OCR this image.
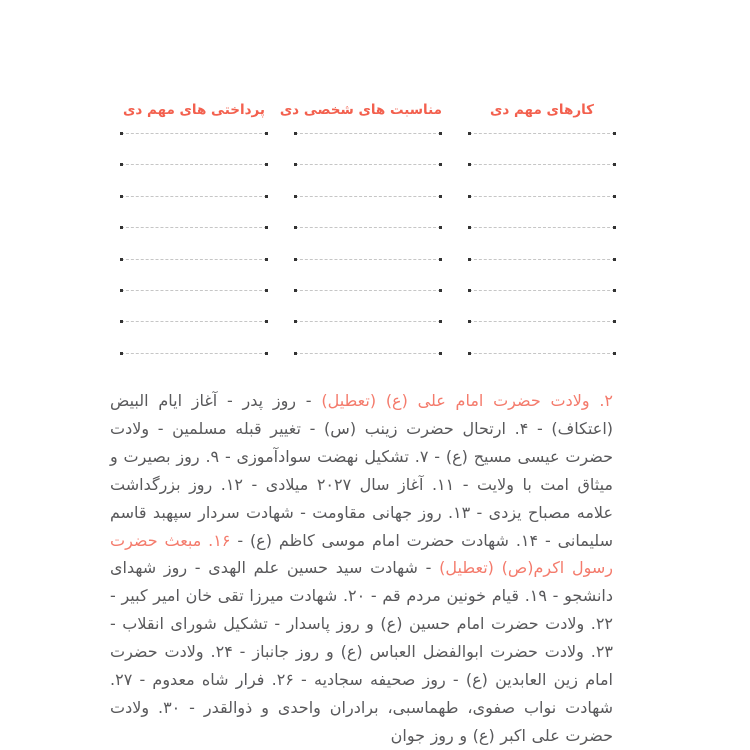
کارهای مهم دی
مناسبت های شخصی دی
پرداختی های مهم دی

۲. ولادت حضرت امام علی (ع) (تعطیل) - روز پدر - آغاز ایام البیض (اعتکاف) - ۴. ارتحال حضرت زینب (س) - تغییر قبله مسلمین - ولادت حضرت عیسی مسیح (ع) - ۷. تشکیل نهضت سوادآموزی - ۹. روز بصیرت و میثاق امت با ولایت - ۱۱. آغاز سال ۲۰۲۷ میلادی - ۱۲. روز بزرگداشت علامه مصباح یزدی - ۱۳. روز جهانی مقاومت - شهادت سردار سپهبد قاسم سلیمانی - ۱۴. شهادت حضرت امام موسی کاظم (ع) - ۱۶. مبعث حضرت رسول اکرم(ص) (تعطیل) - شهادت سید حسین علم الهدی - روز شهدای دانشجو - ۱۹. قیام خونین مردم قم - ۲۰. شهادت میرزا تقی خان امیر کبیر - ۲۲. ولادت حضرت امام حسین (ع) و روز پاسدار - تشکیل شورای انقلاب - ۲۳. ولادت حضرت ابوالفضل العباس (ع) و روز جانباز - ۲۴. ولادت حضرت امام زین العابدین (ع) - روز صحیفه سجادیه - ۲۶. فرار شاه معدوم - ۲۷. شهادت نواب صفوی، طهماسبی، برادران واحدی و ذوالقدر - ۳۰. ولادت حضرت علی اکبر (ع) و روز جوان
